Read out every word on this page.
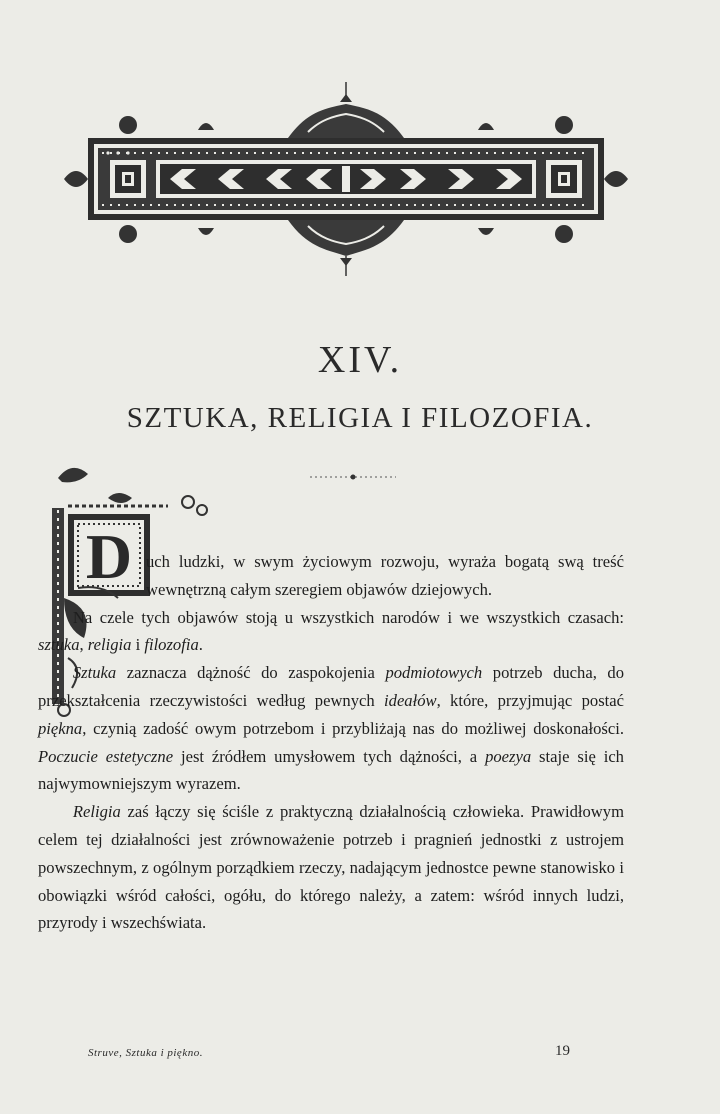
XIV.
SZTUKA, RELIGIA I FILOZOFIA.
D uch ludzki, w swym życiowym rozwoju, wyraża bogatą swą treść wewnętrzną całym szeregiem objawów dziejowych.

Na czele tych objawów stoją u wszystkich narodów i we wszystkich czasach: sztuka, religia i filozofia.

Sztuka zaznacza dążność do zaspokojenia podmiotowych potrzeb ducha, do przekształcenia rzeczywistości według pewnych ideałów, które, przyjmując postać piękna, czynią zadość owym potrzebom i przybliżają nas do możliwej doskonałości. Poczucie estetyczne jest źródłem umysłowem tych dążności, a poezya staje się ich najwymowniejszym wyrazem.

Religia zaś łączy się ściśle z praktyczną działalnością człowieka. Prawidłowym celem tej działalności jest zrównoważenie potrzeb i pragnień jednostki z ustrojem powszechnym, z ogólnym porządkiem rzeczy, nadającym jednostce pewne stanowisko i obowiązki wśród całości, ogółu, do którego należy, a zatem: wśród innych ludzi, przyrody i wszechświata.

Struve, Sztuka i piękno.	19
